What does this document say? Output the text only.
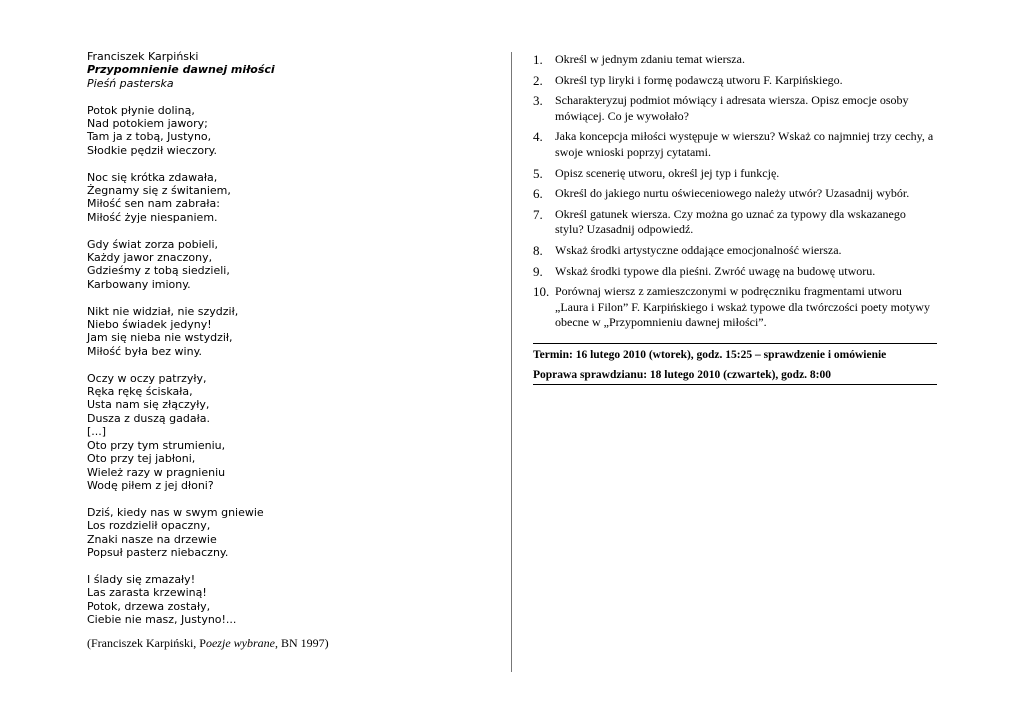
Franciszek Karpiński
Przypomnienie dawnej miłości
Pieśń pasterska
Potok płynie doliną,
Nad potokiem jawory;
Tam ja z tobą, Justyno,
Słodkie pędził wieczory.
Noc się krótka zdawała,
Żegnamy się z świtaniem,
Miłość sen nam zabrała:
Miłość żyje niespaniem.
Gdy świat zorza pobieli,
Każdy jawor znaczony,
Gdzieśmy z tobą siedzieli,
Karbowany imiony.
Nikt nie widział, nie szydził,
Niebo świadek jedyny!
Jam się nieba nie wstydził,
Miłość była bez winy.
Oczy w oczy patrzyły,
Ręka rękę ściskała,
Usta nam się złączyły,
Dusza z duszą gadała.
[...]
Oto przy tym strumieniu,
Oto przy tej jabłoni,
Wieleż razy w pragnieniu
Wodę piłem z jej dłoni?
Dziś, kiedy nas w swym gniewie
Los rozdzielił opaczny,
Znaki nasze na drzewie
Popsuł pasterz niebaczny.
I ślady się zmazały!
Las zarasta krzewiną!
Potok, drzewa zostały,
Ciebie nie masz, Justyno!...
(Franciszek Karpiński, Poezje wybrane, BN 1997)
1. Określ w jednym zdaniu temat wiersza.
2. Określ typ liryki i formę podawczą utworu F. Karpińskiego.
3. Scharakteryzuj podmiot mówiący i adresata wiersza. Opisz emocje osoby mówiącej. Co je wywołało?
4. Jaka koncepcja miłości występuje w wierszu? Wskaż co najmniej trzy cechy, a swoje wnioski poprzyj cytatami.
5. Opisz scenerię utworu, określ jej typ i funkcję.
6. Określ do jakiego nurtu oświeceniowego należy utwór? Uzasadnij wybór.
7. Określ gatunek wiersza. Czy można go uznać za typowy dla wskazanego stylu? Uzasadnij odpowiedź.
8. Wskaż środki artystyczne oddające emocjonalność wiersza.
9. Wskaż środki typowe dla pieśni. Zwróć uwagę na budowę utworu.
10. Porównaj wiersz z zamieszczonymi w podręczniku fragmentami utworu „Laura i Filon” F. Karpińskiego i wskaż typowe dla twórczości poety motywy obecne w „Przypomnieniu dawnej miłości”.
Termin: 16 lutego 2010 (wtorek), godz. 15:25 – sprawdzenie i omówienie
Poprawa sprawdzianu: 18 lutego 2010 (czwartek), godz. 8:00
